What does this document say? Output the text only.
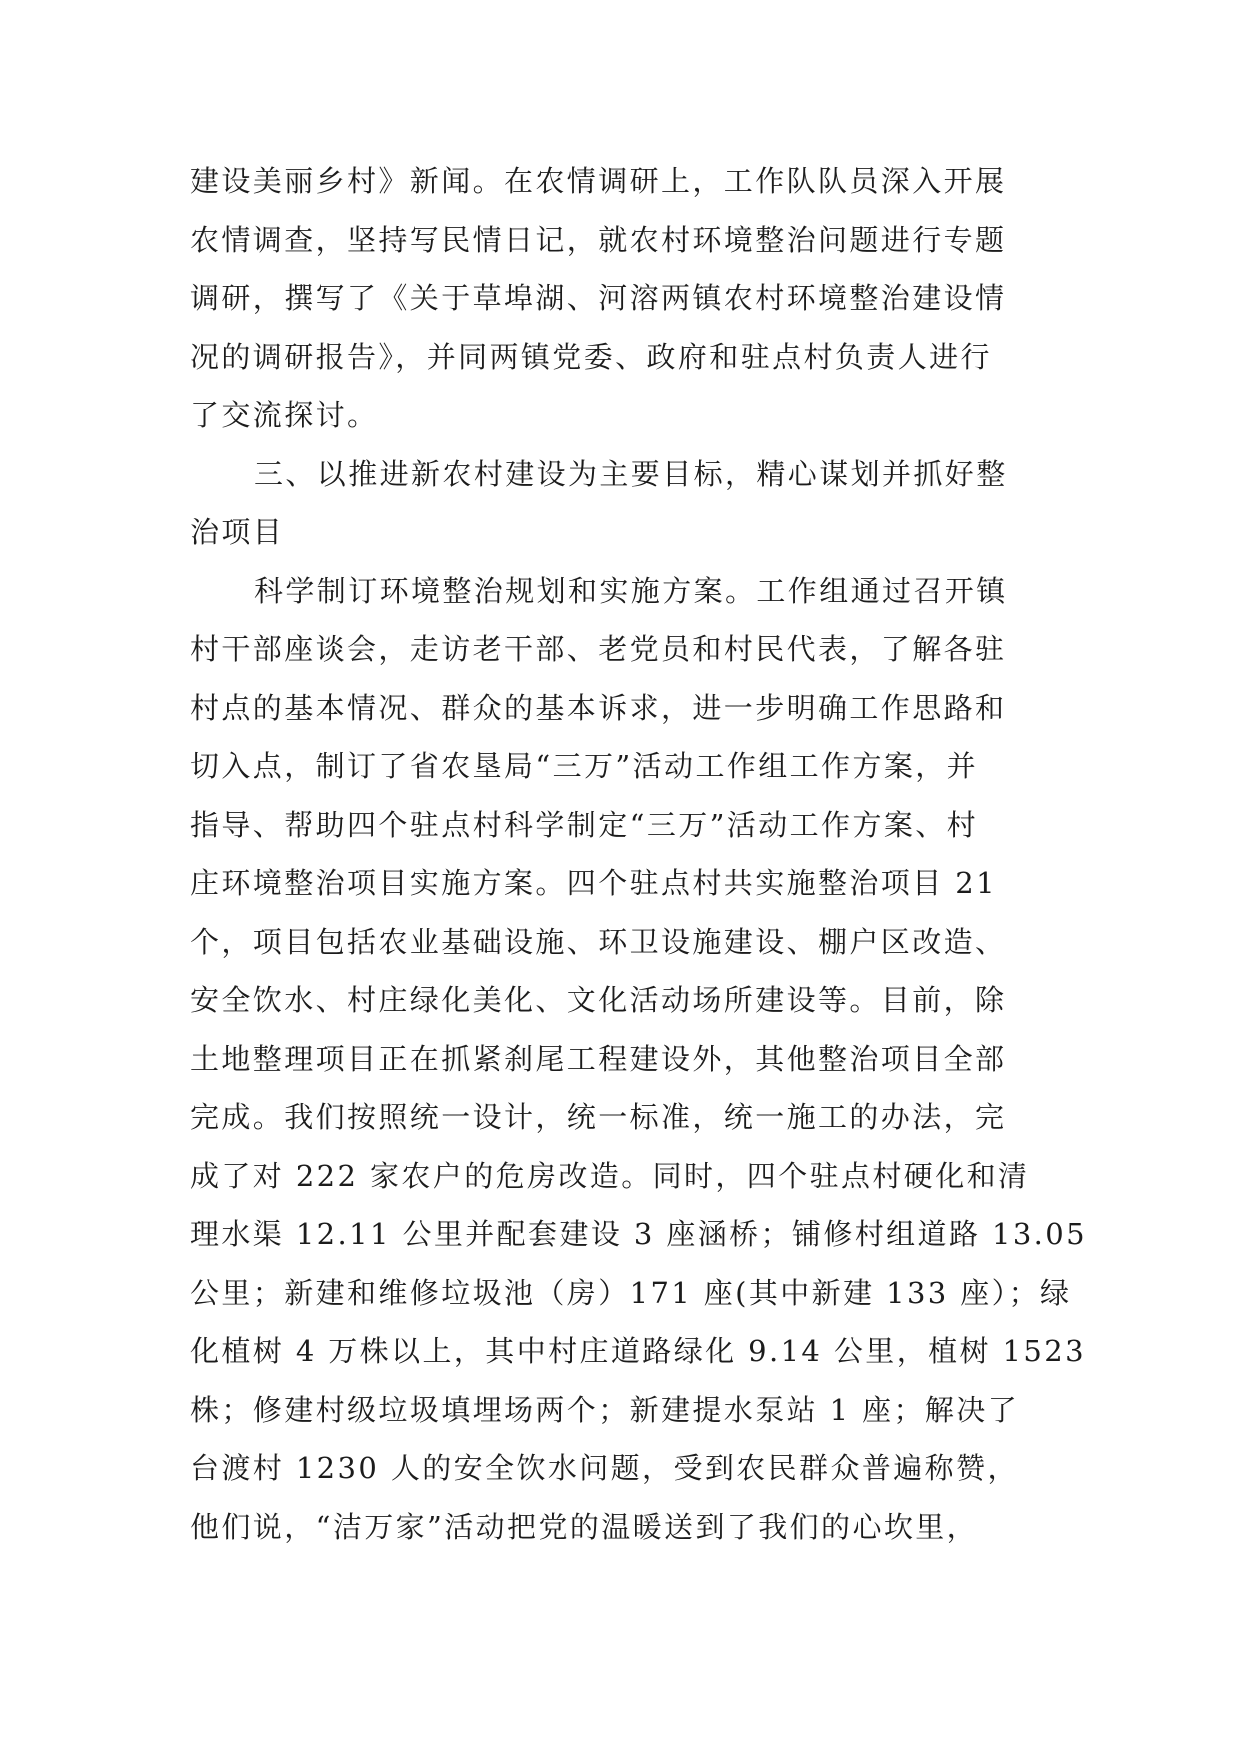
建设美丽乡村》新闻。在农情调研上，工作队队员深入开展
农情调查，坚持写民情日记，就农村环境整治问题进行专题
调研，撰写了《关于草埠湖、河溶两镇农村环境整治建设情
况的调研报告》，并同两镇党委、政府和驻点村负责人进行
了交流探讨。
三、以推进新农村建设为主要目标，精心谋划并抓好整
治项目
科学制订环境整治规划和实施方案。工作组通过召开镇
村干部座谈会，走访老干部、老党员和村民代表，了解各驻
村点的基本情况、群众的基本诉求，进一步明确工作思路和
切入点，制订了省农垦局“三万”活动工作组工作方案，并
指导、帮助四个驻点村科学制定“三万”活动工作方案、村
庄环境整治项目实施方案。四个驻点村共实施整治项目 21
个，项目包括农业基础设施、环卫设施建设、棚户区改造、
安全饮水、村庄绿化美化、文化活动场所建设等。目前，除
土地整理项目正在抓紧刹尾工程建设外，其他整治项目全部
完成。我们按照统一设计，统一标准，统一施工的办法，完
成了对 222 家农户的危房改造。同时，四个驻点村硬化和清
理水渠 12.11 公里并配套建设 3 座涵桥；铺修村组道路 13.05
公里；新建和维修垃圾池（房）171 座(其中新建 133 座）；绿
化植树 4 万株以上，其中村庄道路绿化 9.14 公里，植树 1523
株；修建村级垃圾填埋场两个；新建提水泵站 1 座；解决了
台渡村 1230 人的安全饮水问题，受到农民群众普遍称赞，
他们说，“洁万家”活动把党的温暖送到了我们的心坎里，
